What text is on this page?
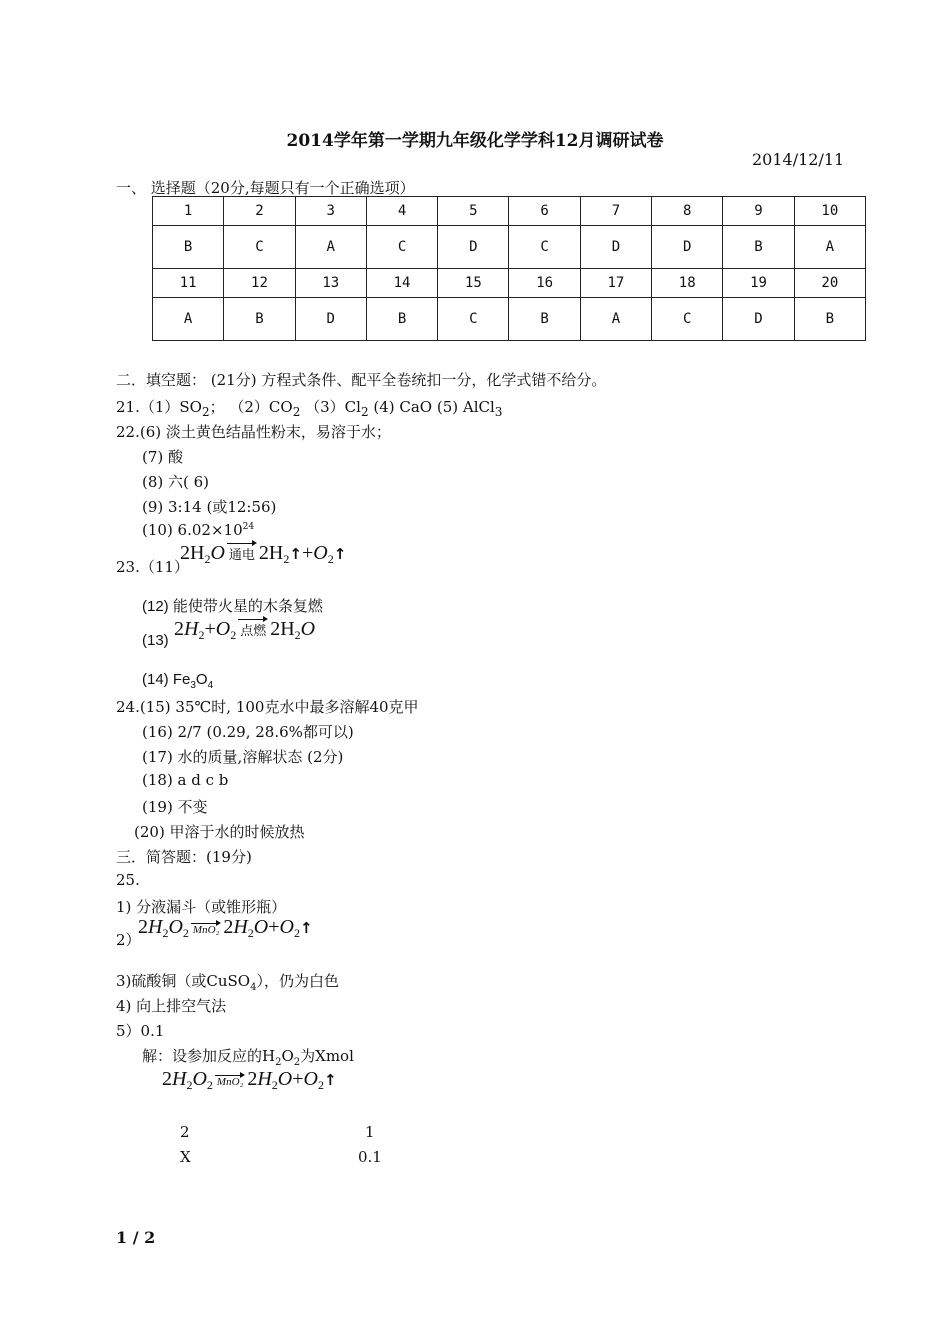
2014学年第一学期九年级化学学科12月调研试卷
2014/12/11
一、 选择题（20分,每题只有一个正确选项）
1	2	3	4	5	6	7	8	9	10
B	C	A	C	D	C	D	D	B	A
11	12	13	14	15	16	17	18	19	20
A	B	D	B	C	B	A	C	D	B
二．填空题： (21分) 方程式条件、配平全卷统扣一分，化学式错不给分。
$21.(1)SO_2$； $(2)CO_2$ $(3)Cl_2$ (4) CaO (5) AlCl$_3$
22.(6) 淡土黄色结晶性粉末，易溶于水；
(7) 酸
(8) 六( 6)
(9) 3:14 (或12:56)
(10) $6.02\times 10^{24}$
23.（11）
$2H_2O$ 通电 $2H_2↑+O_2↑$
(12) 能使带火星的木条复燃
(13)
$2H_2+O_2$ 点燃 $2H_2O$
(14) $Fe_3O_4$
24.(15) 35℃时, 100克水中最多溶解40克甲
(16) 2/7 (0.29, 28.6%都可以)
(17) 水的质量,溶解状态 (2分)
(18) a d c b
(19) 不变
(20) 甲溶于水的时候放热
三．简答题：(19分)
25.
1) 分液漏斗（或锥形瓶）
2）
$2H_2O_2$ MnO₂ $2H_2O+O_2↑$
3)硫酸铜（或CuSO$_4$），仍为白色
4) 向上排空气法
5）0.1
解：设参加反应的$H_2O_2$为Xmol
$2H_2O_2$ MnO₂ $2H_2O+O_2↑$
2	1
X	0.1
1 / 2
